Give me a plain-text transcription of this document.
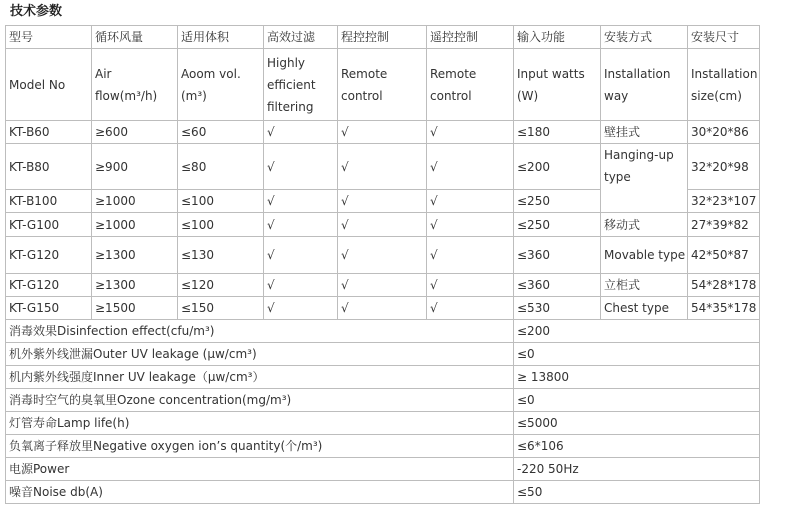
技术参数
型号	循环风量	适用体积	高效过滤	程控控制	遥控控制	输入功能	安装方式	安装尺寸
Model No	Air flow(m³/h)	Aoom vol. (m³)	Highly efficient filtering	Remote control	Remote control	Input watts (W)	Installation way	Installation size(cm)
KT-B60	≥600	≤60	√	√	√	≤180	壁挂式	30*20*86
KT-B80	≥900	≤80	√	√	√	≤200	Hanging-up type	32*20*98
KT-B100	≥1000	≤100	√	√	√	≤250		32*23*107
KT-G100	≥1000	≤100	√	√	√	≤250	移动式	27*39*82
KT-G120	≥1300	≤130	√	√	√	≤360	Movable type	42*50*87
KT-G120	≥1300	≤120	√	√	√	≤360	立柜式	54*28*178
KT-G150	≥1500	≤150	√	√	√	≤530	Chest type	54*35*178
消毒效果Disinfection effect(cfu/m³)						≤200		
机外紫外线泄漏Outer UV leakage (μw/cm³)						≤0		
机内紫外线强度Inner UV leakage（μw/cm³）						≥ 13800		
消毒时空气的臭氧里Ozone concentration(mg/m³)						≤0		
灯管寿命Lamp life(h)						≤5000		
负氧离子释放里Negative oxygen ion’s quantity(个/m³)						≤6*106		
电源Power						-220 50Hz		
噪音Noise db(A)						≤50		
